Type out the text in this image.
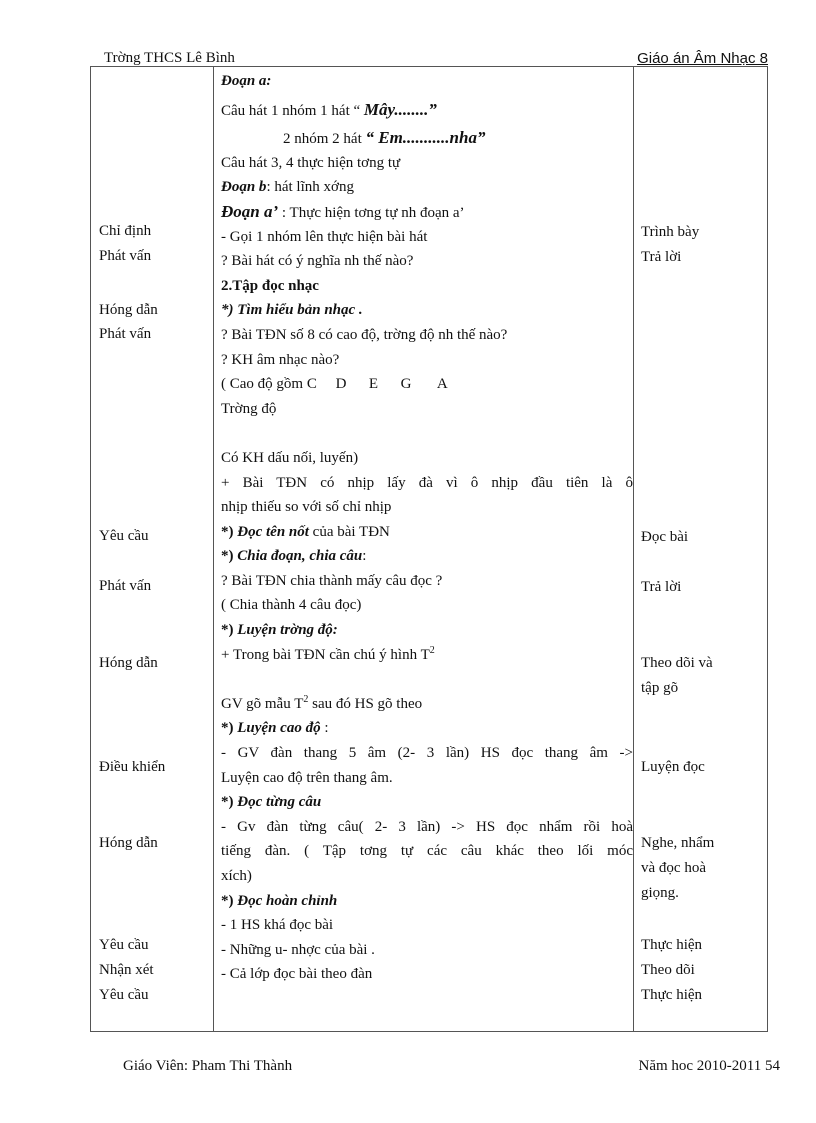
Trờng THCS Lê Bình	Giáo án Âm Nhạc 8
Chỉ định
Phát vấn
Hóng dẫn
Phát vấn
Yêu cầu
Phát vấn
Hóng dẫn
Điều khiển
Hóng dẫn
Yêu cầu
Nhận xét
Yêu cầu
Đoạn a:
Câu hát 1 nhóm 1 hát “ Mây........”
2 nhóm 2 hát “ Em...........nha”
Câu hát 3, 4 thực hiện tơng tự
Đoạn b: hát lĩnh xớng
Đoạn a’ : Thực hiện tơng tự nh đoạn a’
- Gọi 1 nhóm lên thực hiện bài hát
? Bài hát có ý nghĩa nh thế nào?
2.Tập đọc nhạc
*) Tìm hiểu bản nhạc .
? Bài TĐN số 8 có cao độ, trờng độ nh thế nào?
? KH âm nhạc nào?
( Cao độ gồm C     D      E      G       A
Trờng độ
Có KH dấu nối, luyến)
+ Bài TĐN có nhịp lấy đà vì ô nhịp đầu tiên là ô
nhịp thiếu so với số chỉ nhịp
*) Đọc tên nốt của bài TĐN
*) Chia đoạn, chia câu:
? Bài TĐN chia thành mấy câu đọc ?
( Chia thành 4 câu đọc)
*) Luyện trờng độ:
+ Trong bài TĐN cần chú ý hình $T^2$
GV gõ mẫu $T^2$ sau đó HS gõ theo
*) Luyện cao độ :
- GV đàn thang 5 âm (2- 3 lần) HS đọc thang âm ->
Luyện cao độ trên thang âm.
*) Đọc từng câu
- Gv đàn từng câu( 2- 3 lần) -> HS đọc nhẩm rồi hoà
tiếng đàn. ( Tập tơng tự các câu khác theo lối móc
xích)
*) Đọc hoàn chỉnh
- 1 HS khá đọc bài
- Những u- nhợc của bài .
- Cả lớp đọc bài theo đàn
Trình bày
Trả lời
Đọc bài
Trả lời
Theo dõi và
tập gõ
Luyện đọc
Nghe, nhẩm
và đọc hoà
giọng.
Thực hiện
Theo dõi
Thực hiện
Giáo Viên: Pham Thi Thành	Năm hoc 2010-2011 54
